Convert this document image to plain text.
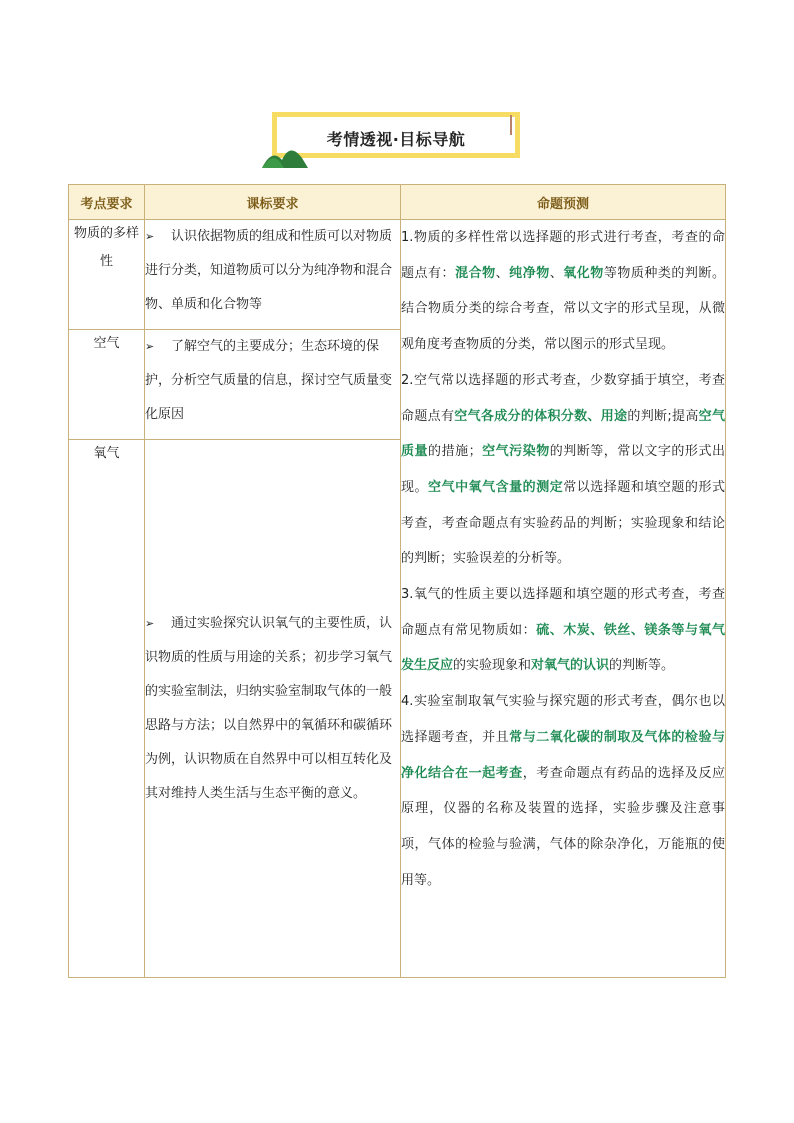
考情透视·目标导航
考点要求	课标要求	命题预测
物质的多样性	➢ 认识依据物质的组成和性质可以对物质进行分类，知道物质可以分为纯净物和混合物、单质和化合物等	1.物质的多样性常以选择题的形式进行考查，考查的命题点有：混合物、纯净物、氧化物等物质种类的判断。结合物质分类的综合考查，常以文字的形式呈现，从微观角度考查物质的分类，常以图示的形式呈现。
2.空气常以选择题的形式考查，少数穿插于填空，考查命题点有空气各成分的体积分数、用途的判断;提高空气质量的措施；空气污染物的判断等，常以文字的形式出现。空气中氧气含量的测定常以选择题和填空题的形式考查，考查命题点有实验药品的判断；实验现象和结论的判断；实验误差的分析等。
3.氧气的性质主要以选择题和填空题的形式考查，考查命题点有常见物质如：硫、木炭、铁丝、镁条等与氧气发生反应的实验现象和对氧气的认识的判断等。
4.实验室制取氧气实验与探究题的形式考查，偶尔也以选择题考查，并且常与二氧化碳的制取及气体的检验与净化结合在一起考查，考查命题点有药品的选择及反应原理，仪器的名称及装置的选择，实验步骤及注意事项，气体的检验与验满，气体的除杂净化，万能瓶的使用等。

空气	➢ 了解空气的主要成分；生态环境的保护，分析空气质量的信息，探讨空气质量变化原因	
氧气	➢ 通过实验探究认识氧气的主要性质，认识物质的性质与用途的关系；初步学习氧气的实验室制法，归纳实验室制取气体的一般思路与方法；以自然界中的氧循环和碳循环为例，认识物质在自然界中可以相互转化及其对维持人类生活与生态平衡的意义。	
